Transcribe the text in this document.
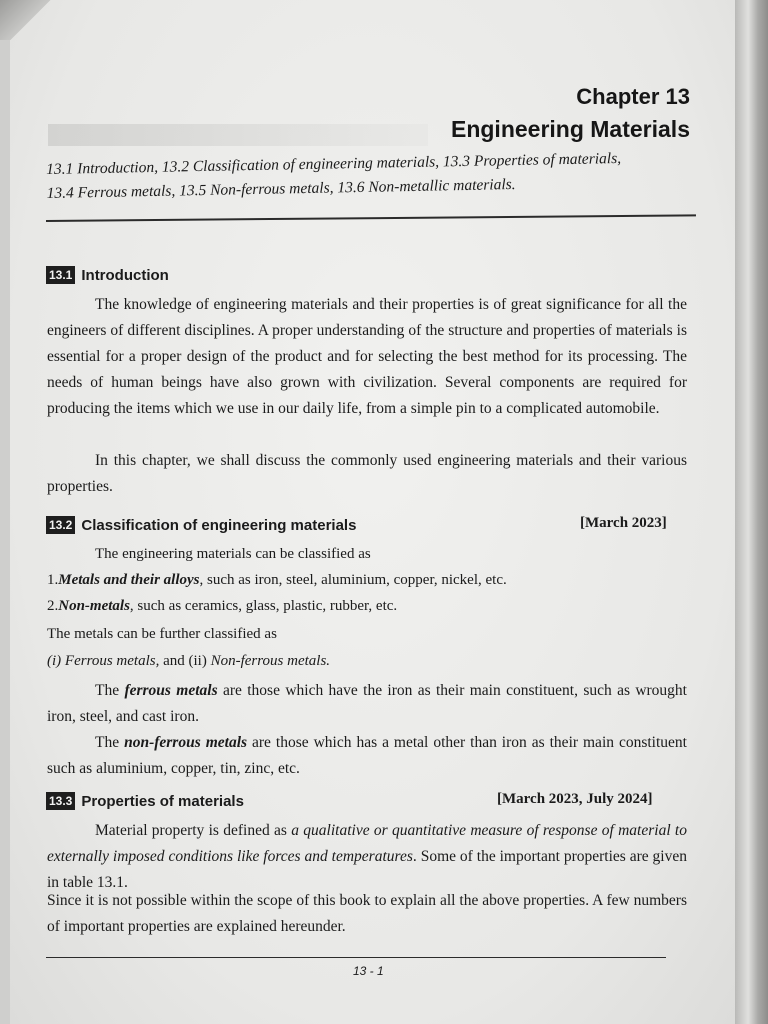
Chapter 13
Engineering Materials
13.1 Introduction, 13.2 Classification of engineering materials, 13.3 Properties of materials,
13.4 Ferrous metals, 13.5 Non-ferrous metals, 13.6 Non-metallic materials.
13.1 Introduction
The knowledge of engineering materials and their properties is of great significance for all the engineers of different disciplines. A proper understanding of the structure and properties of materials is essential for a proper design of the product and for selecting the best method for its processing. The needs of human beings have also grown with civilization. Several components are required for producing the items which we use in our daily life, from a simple pin to a complicated automobile.
In this chapter, we shall discuss the commonly used engineering materials and their various properties.
13.2 Classification of engineering materials	[March 2023]
The engineering materials can be classified as
1.Metals and their alloys, such as iron, steel, aluminium, copper, nickel, etc.
2.Non-metals, such as ceramics, glass, plastic, rubber, etc.
The metals can be further classified as
(i) Ferrous metals, and (ii) Non-ferrous metals.
The ferrous metals are those which have the iron as their main constituent, such as wrought iron, steel, and cast iron.
The non-ferrous metals are those which has a metal other than iron as their main constituent such as aluminium, copper, tin, zinc, etc.
13.3 Properties of materials	[March 2023, July 2024]
Material property is defined as a qualitative or quantitative measure of response of material to externally imposed conditions like forces and temperatures. Some of the important properties are given in table 13.1.
Since it is not possible within the scope of this book to explain all the above properties. A few numbers of important properties are explained hereunder.
13 - 1
